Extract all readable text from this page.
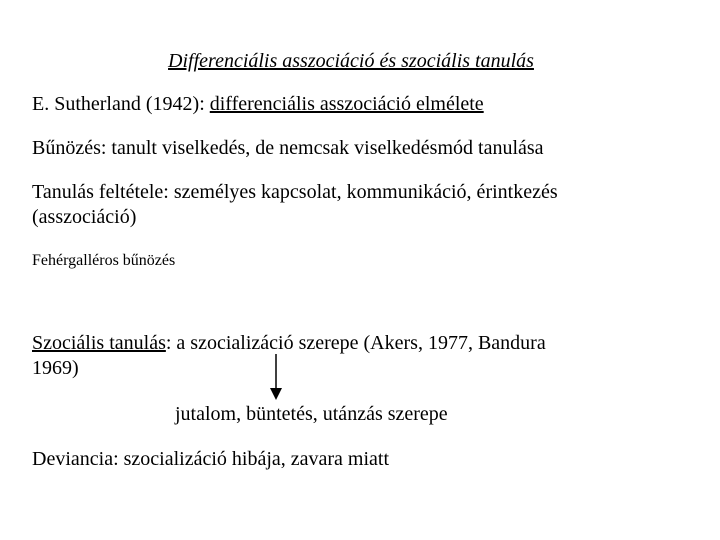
Differenciális asszociáció és szociális tanulás
E. Sutherland (1942): differenciális asszociáció elmélete
Bűnözés: tanult viselkedés, de nemcsak viselkedésmód tanulása
Tanulás feltétele: személyes kapcsolat, kommunikáció, érintkezés
(asszociáció)
Fehérgalléros bűnözés
Szociális tanulás: a szocializáció szerepe (Akers, 1977, Bandura
1969)
jutalom, büntetés, utánzás szerepe
Deviancia: szocializáció hibája, zavara miatt
